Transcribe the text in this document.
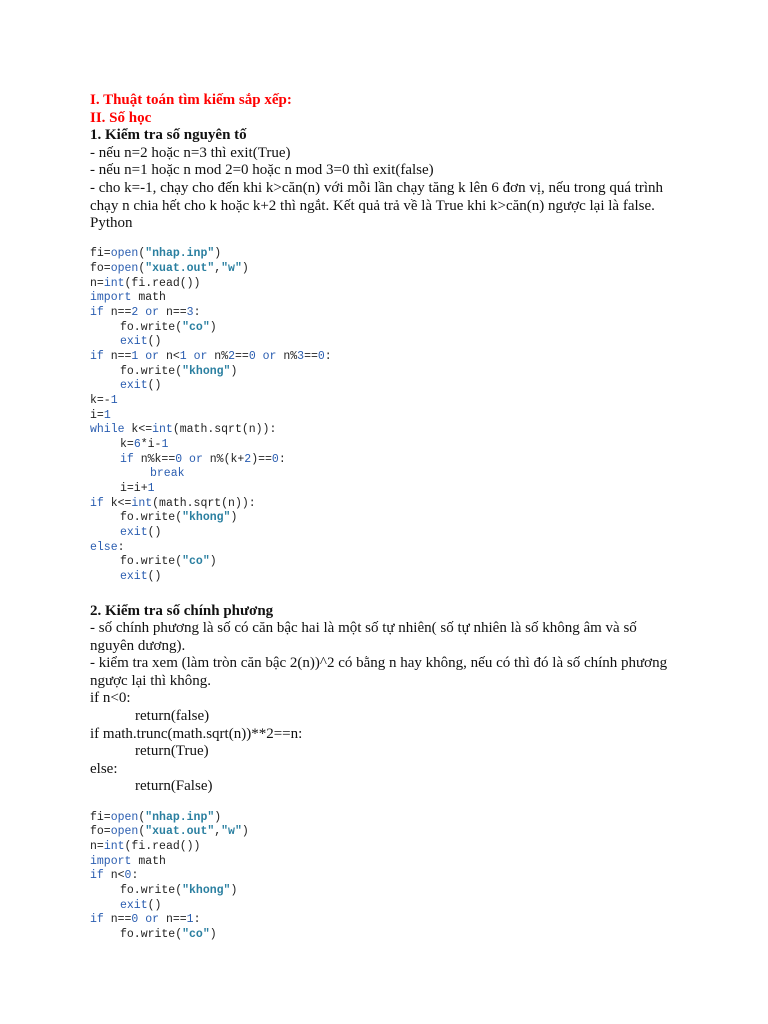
I. Thuật toán tìm kiếm sắp xếp:
II. Số học
1. Kiểm tra số nguyên tố
- nếu n=2 hoặc n=3 thì exit(True)
- nếu n=1 hoặc n mod 2=0 hoặc n mod 3=0 thì exit(false)
- cho k=-1, chạy cho đến khi k>căn(n) với mỗi lần chạy tăng k lên 6 đơn vị, nếu trong quá trình
chạy n chia hết cho k hoặc k+2 thì ngắt. Kết quả trả về là True khi k>căn(n) ngược lại là false.
Python

fi=open("nhap.inp")
fo=open("xuat.out","w")
n=int(fi.read())
import math
if n==2 or n==3:
fo.write("co")
exit()
if n==1 or n<1 or n%2==0 or n%3==0:
fo.write("khong")
exit()
k=-1
i=1
while k<=int(math.sqrt(n)):
k=6*i-1
if n%k==0 or n%(k+2)==0:
break
i=i+1
if k<=int(math.sqrt(n)):
fo.write("khong")
exit()
else:
fo.write("co")
exit()
2. Kiểm tra số chính phương
- số chính phương là số có căn bậc hai là một số tự nhiên( số tự nhiên là số không âm và số
nguyên dương).
- kiểm tra xem (làm tròn căn bậc 2(n))^2 có bằng n hay không, nếu có thì đó là số chính phương
ngược lại thì không.
if n<0:
return(false)
if math.trunc(math.sqrt(n))**2==n:
return(True)
else:
return(False)

fi=open("nhap.inp")
fo=open("xuat.out","w")
n=int(fi.read())
import math
if n<0:
fo.write("khong")
exit()
if n==0 or n==1:
fo.write("co")
